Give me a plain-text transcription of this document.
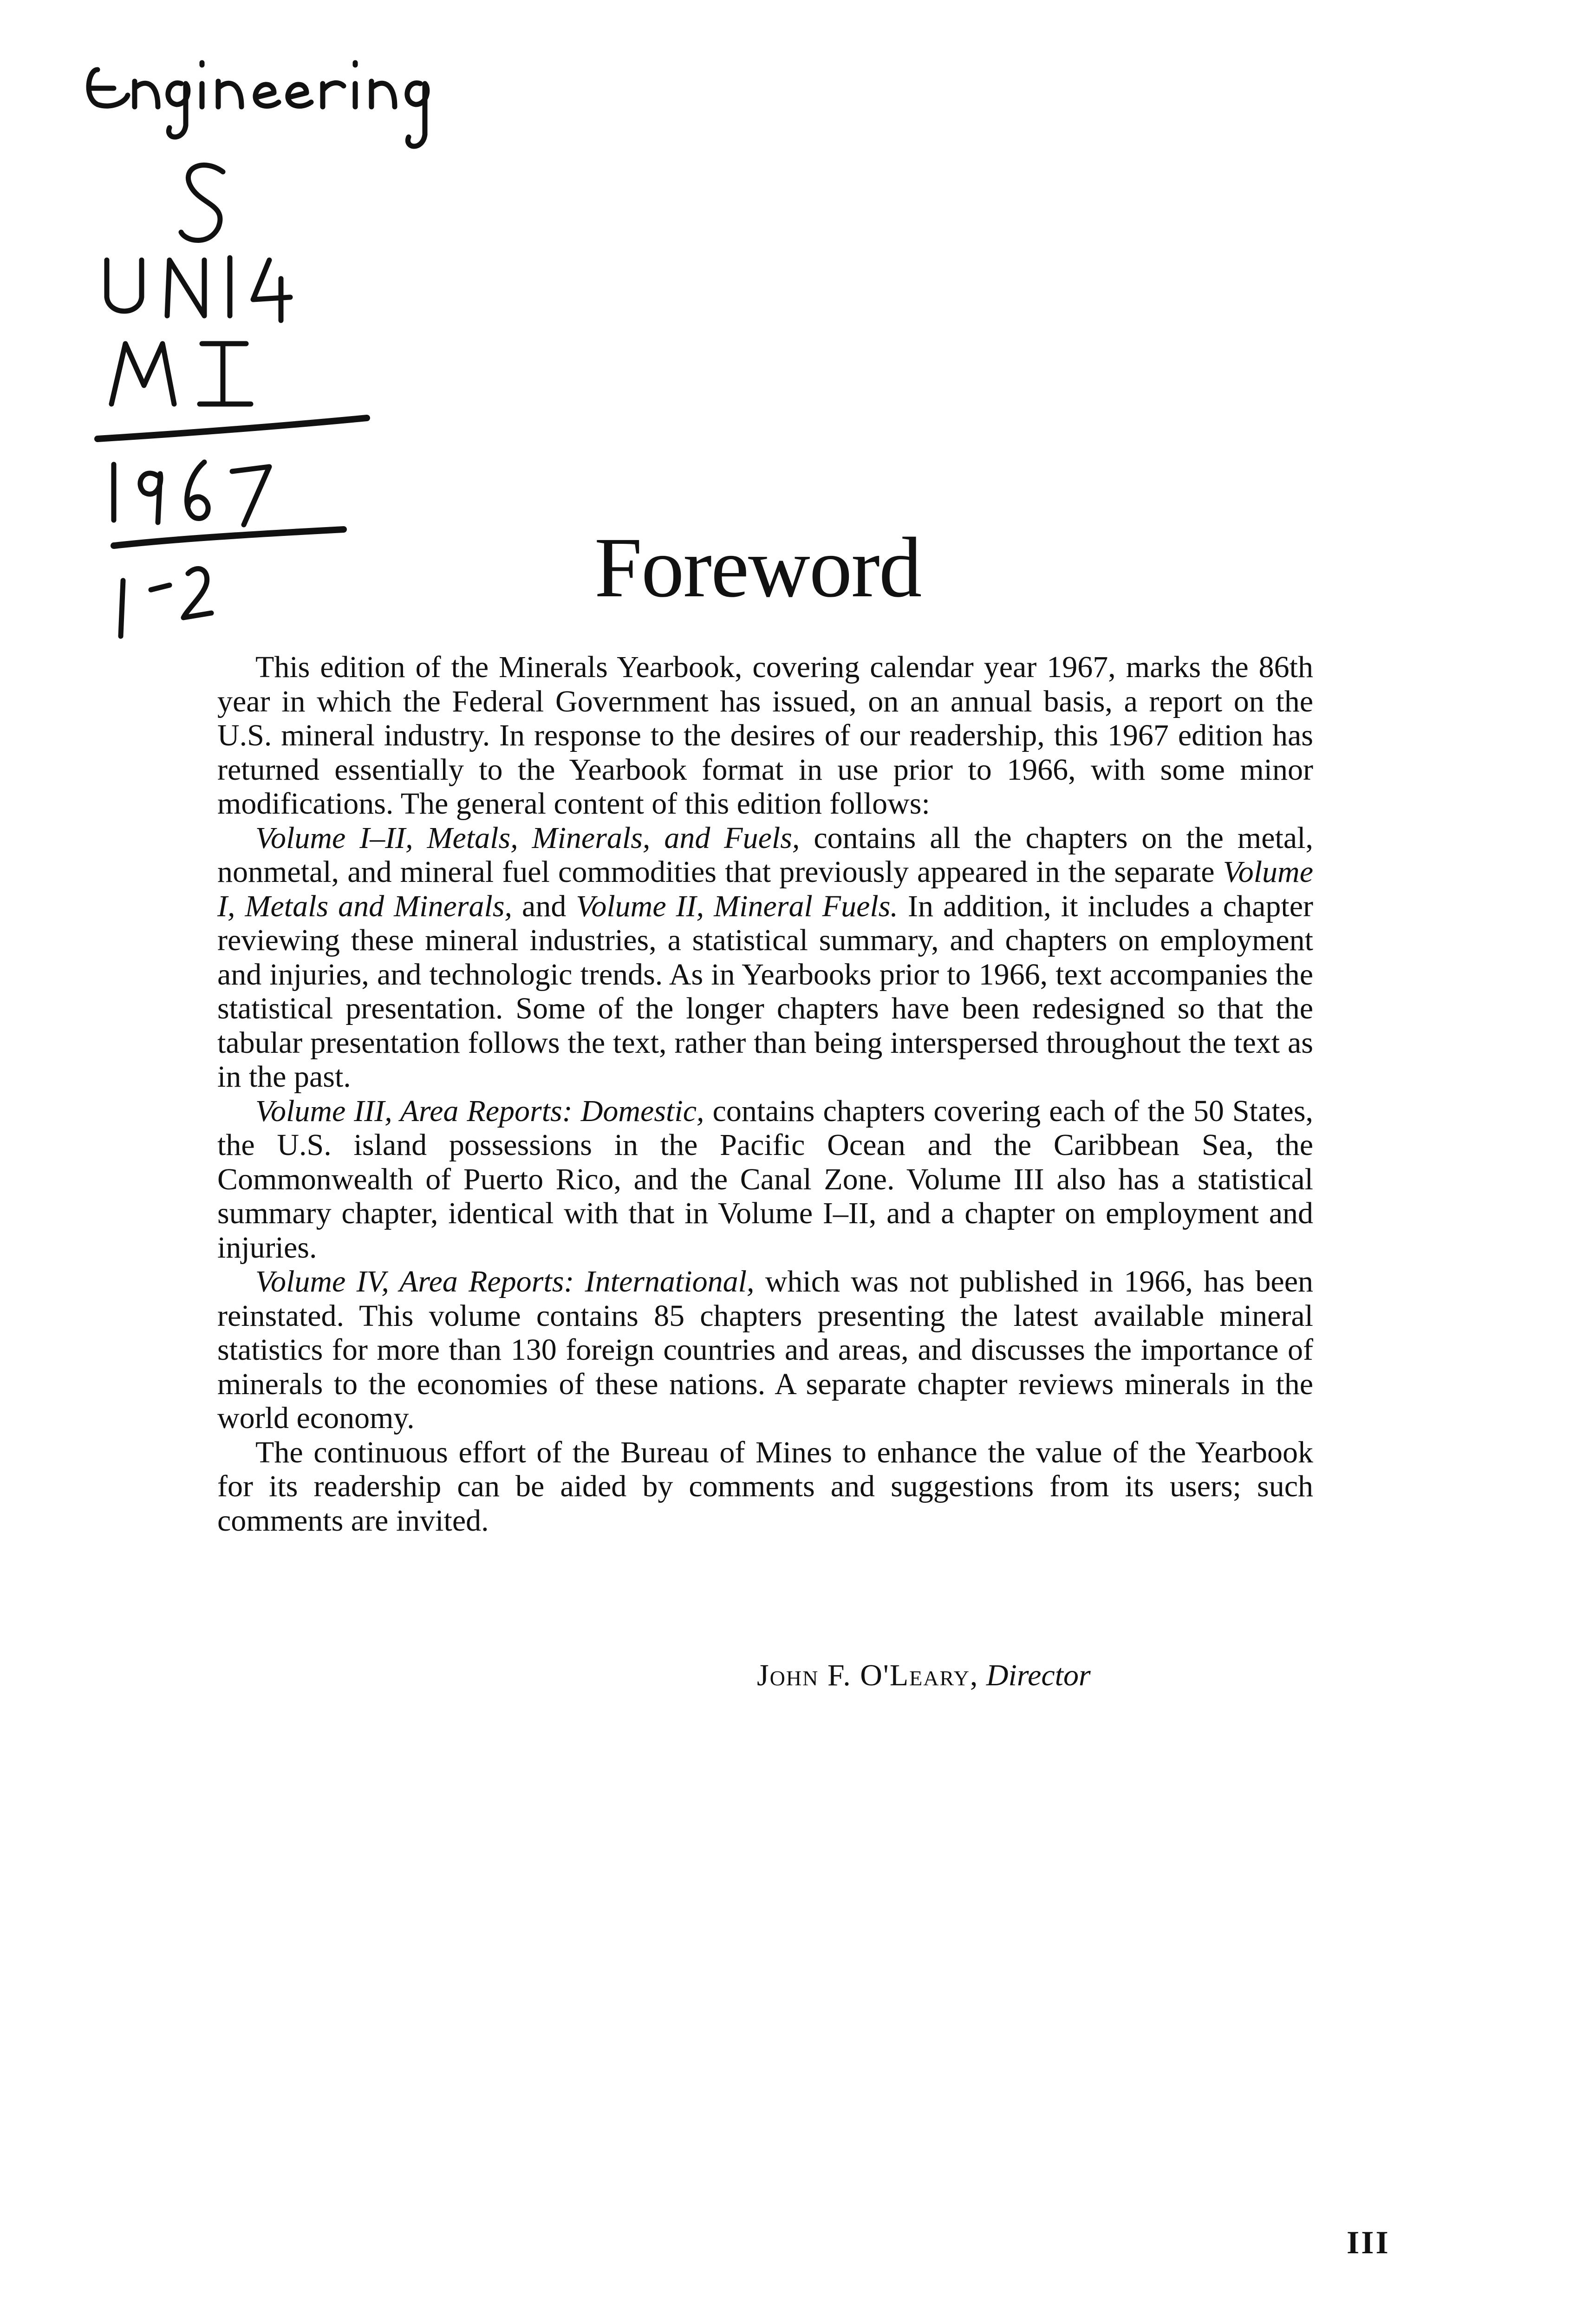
Foreword

This edition of the Minerals Yearbook, covering calendar year 1967, marks the 86th year in which the Federal Government has issued, on an annual basis, a report on the U.S. mineral industry. In response to the desires of our readership, this 1967 edition has returned essentially to the Yearbook format in use prior to 1966, with some minor modifications. The general content of this edition follows:

Volume I–II, Metals, Minerals, and Fuels, contains all the chapters on the metal, nonmetal, and mineral fuel commodities that previously appeared in the separate Volume I, Metals and Minerals, and Volume II, Mineral Fuels. In addition, it includes a chapter reviewing these mineral industries, a statistical summary, and chapters on employment and injuries, and technologic trends. As in Yearbooks prior to 1966, text accompanies the statistical presentation. Some of the longer chapters have been redesigned so that the tabular presentation follows the text, rather than being interspersed throughout the text as in the past.

Volume III, Area Reports: Domestic, contains chapters covering each of the 50 States, the U.S. island possessions in the Pacific Ocean and the Caribbean Sea, the Commonwealth of Puerto Rico, and the Canal Zone. Volume III also has a statistical summary chapter, identical with that in Volume I–II, and a chapter on employment and injuries.

Volume IV, Area Reports: International, which was not published in 1966, has been reinstated. This volume contains 85 chapters presenting the latest available mineral statistics for more than 130 foreign countries and areas, and discusses the importance of minerals to the economies of these nations. A separate chapter reviews minerals in the world economy.

The continuous effort of the Bureau of Mines to enhance the value of the Yearbook for its readership can be aided by comments and suggestions from its users; such comments are invited.

John F. O'Leary, Director
III
